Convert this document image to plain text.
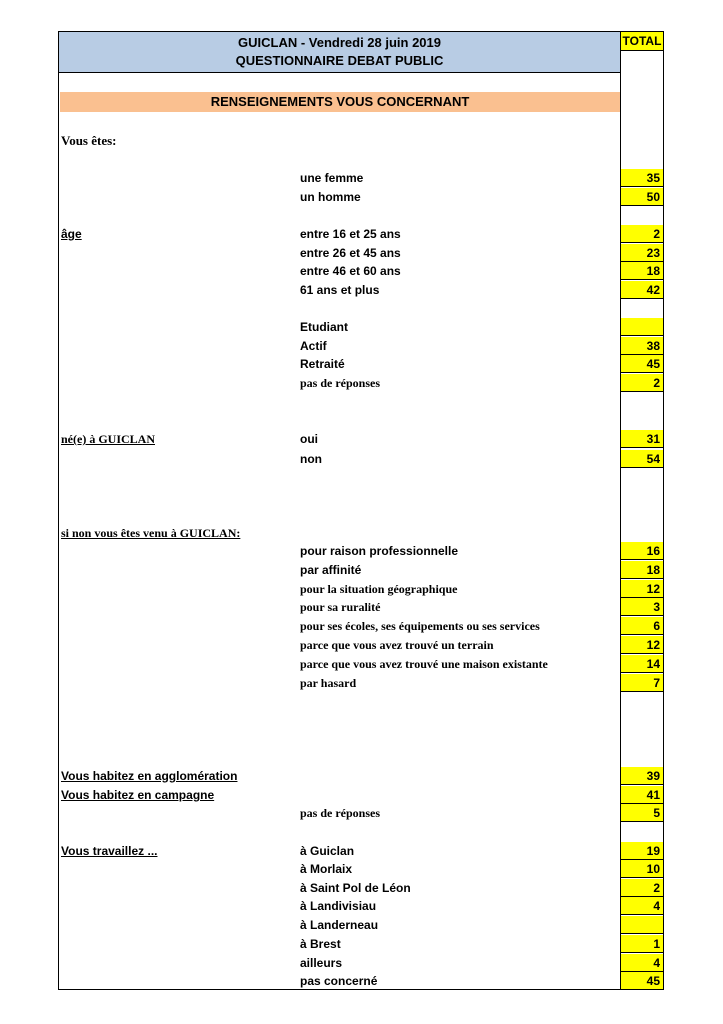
GUICLAN - Vendredi 28 juin 2019
QUESTIONNAIRE DEBAT PUBLIC
TOTAL
RENSEIGNEMENTS VOUS CONCERNANT
Vous êtes:
une femme	35
un homme	50
âge	entre 16 et 25 ans	2
entre 26 et 45 ans	23
entre 46 et 60 ans	18
61 ans et plus	42
Etudiant
Actif	38
Retraité	45
pas de réponses	2
né(e) à GUICLAN	oui	31
non	54
si non vous êtes venu à GUICLAN:
pour raison professionnelle	16
par affinité	18
pour la situation géographique	12
pour sa ruralité	3
pour ses écoles, ses équipements ou ses services	6
parce que vous avez trouvé un terrain	12
parce que vous avez trouvé une maison existante	14
par hasard	7
Vous habitez en agglomération	39
Vous habitez en campagne	41
pas de réponses	5
Vous travaillez ...	à Guiclan	19
à Morlaix	10
à Saint Pol de Léon	2
à Landivisiau	4
à Landerneau
à Brest	1
ailleurs	4
pas concerné	45
